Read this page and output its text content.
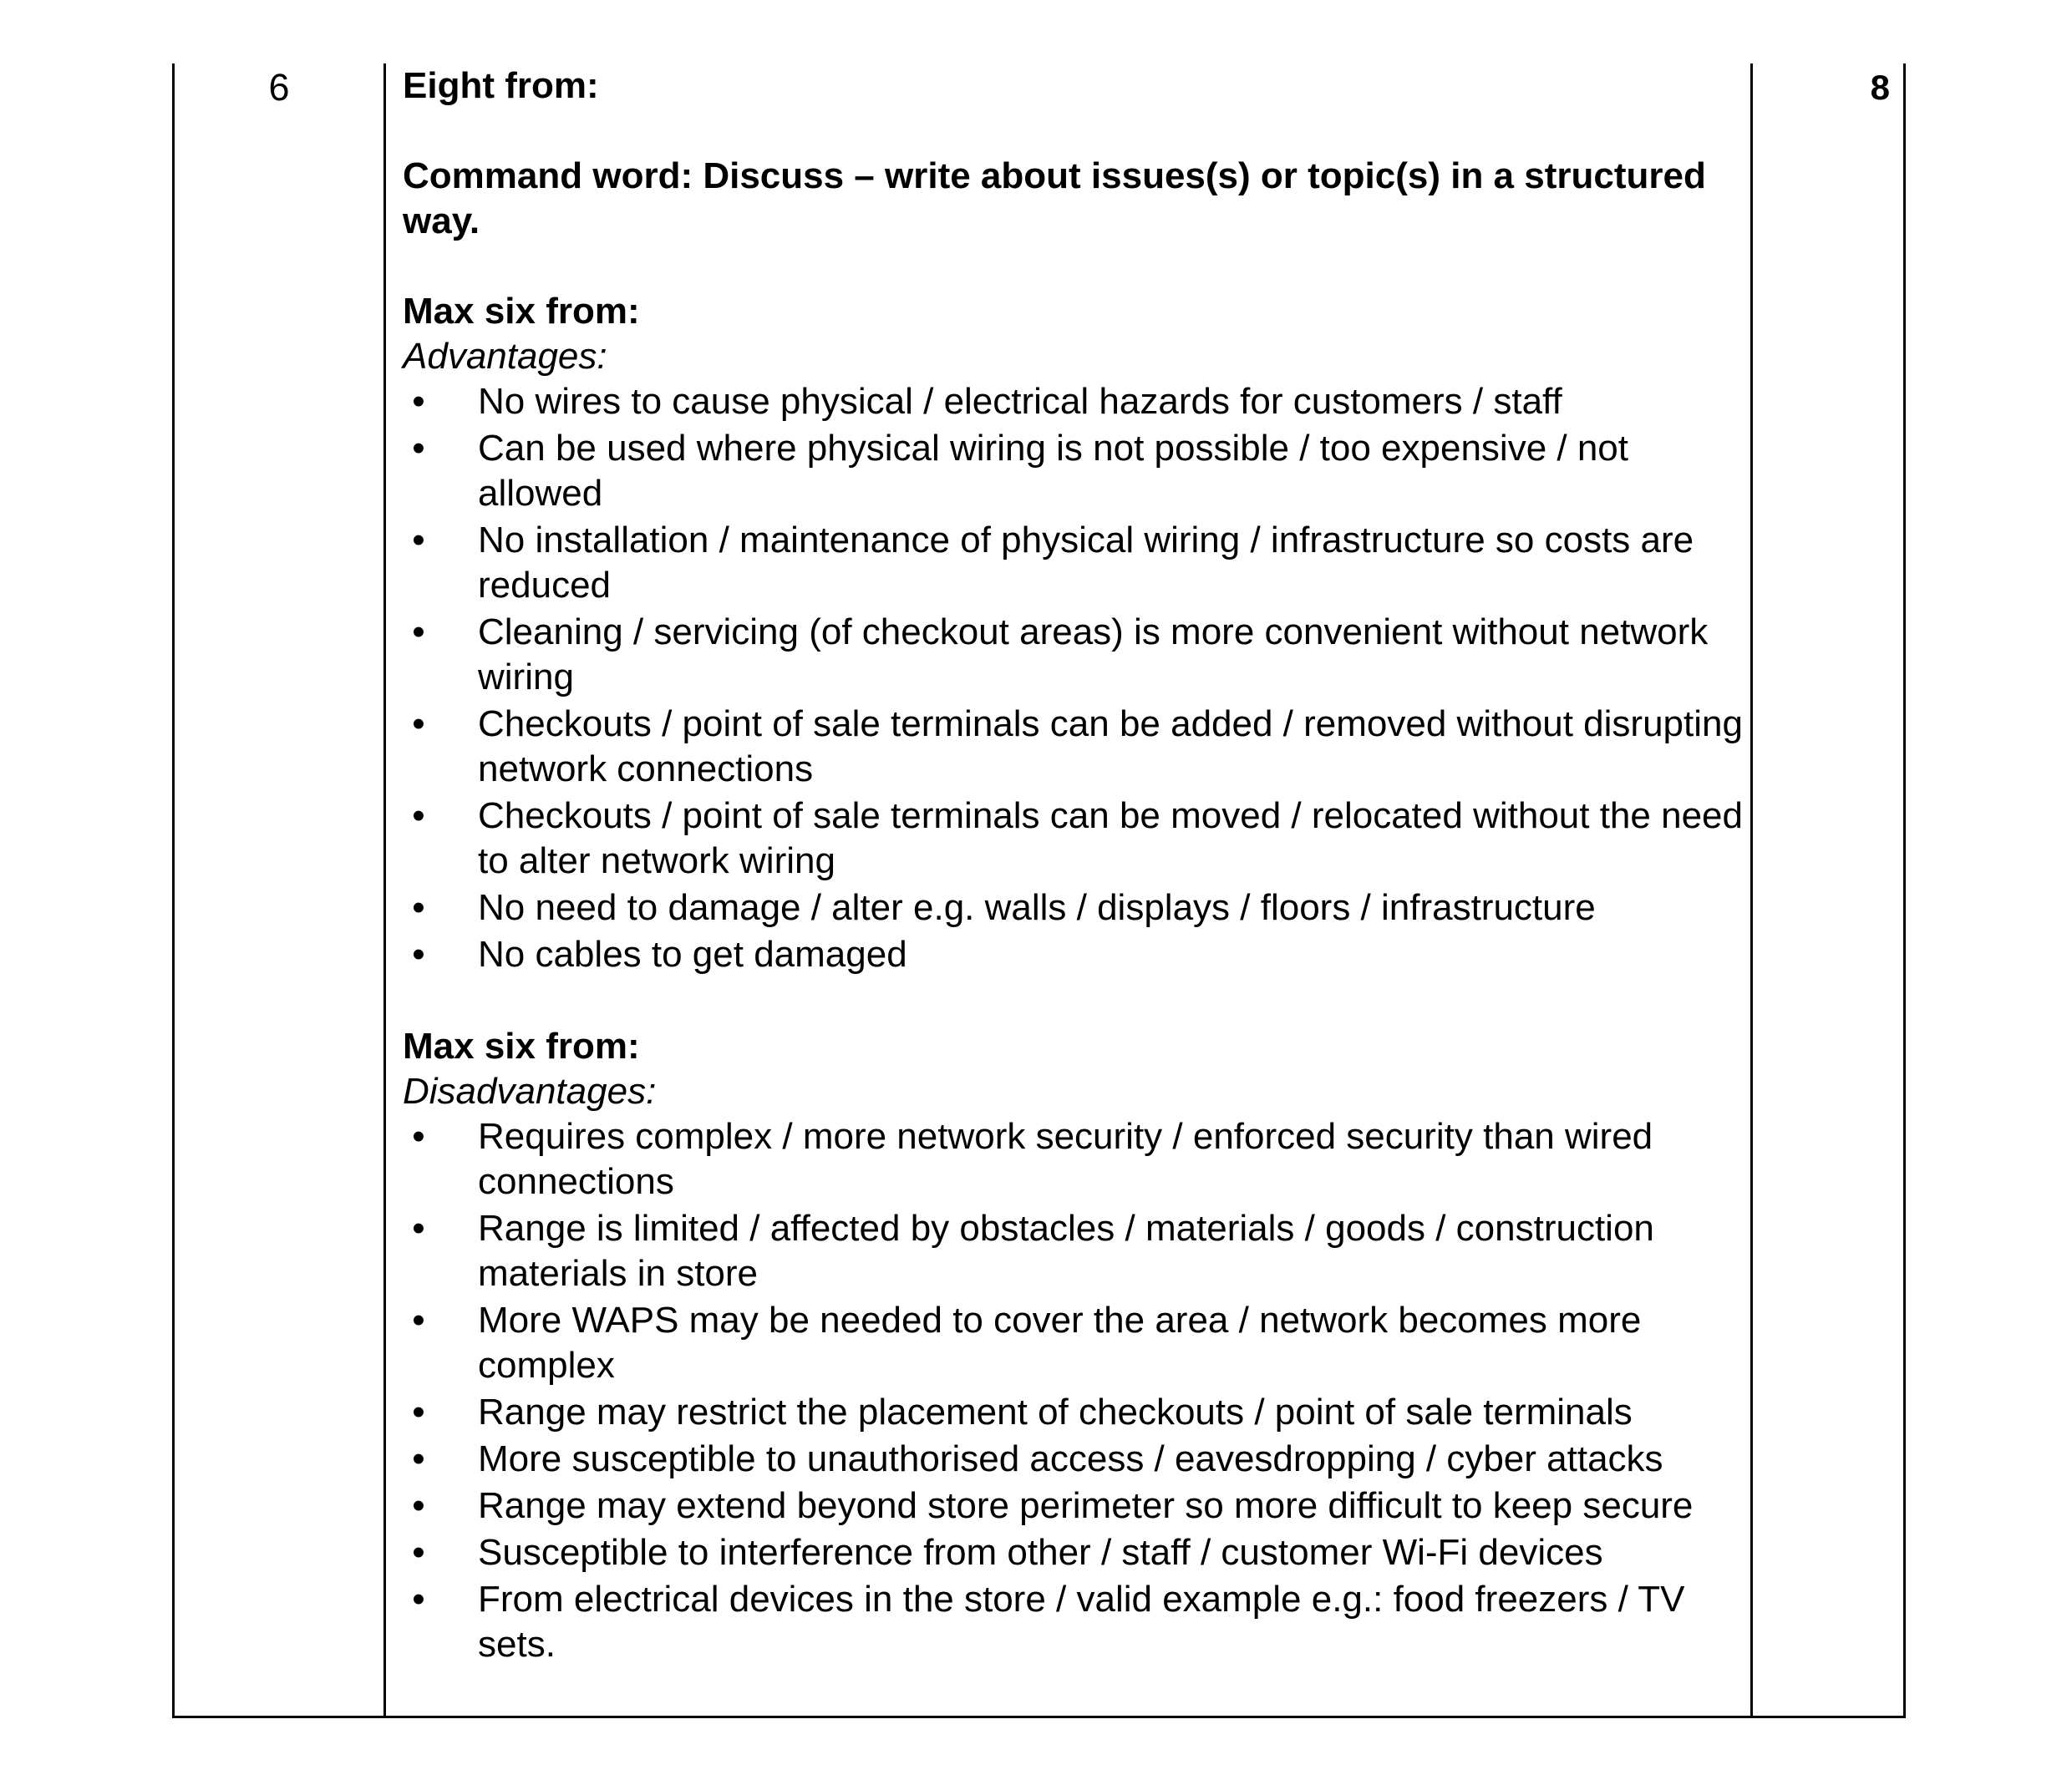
6	Eight from:

Command word: Discuss – write about issues(s) or topic(s) in a structured way.

Max six from:

Advantages:

• No wires to cause physical / electrical hazards for customers / staff
• Can be used where physical wiring is not possible / too expensive / not allowed
• No installation / maintenance of physical wiring / infrastructure so costs are reduced
• Cleaning / servicing (of checkout areas) is more convenient without network wiring
• Checkouts / point of sale terminals can be added / removed without disrupting network connections
• Checkouts / point of sale terminals can be moved / relocated without the need to alter network wiring
• No need to damage / alter e.g. walls / displays / floors / infrastructure
• No cables to get damaged

Max six from:

Disadvantages:

• Requires complex / more network security / enforced security than wired connections
• Range is limited / affected by obstacles / materials / goods / construction materials in store
• More WAPS may be needed to cover the area / network becomes more complex
• Range may restrict the placement of checkouts / point of sale terminals
• More susceptible to unauthorised access / eavesdropping / cyber attacks
• Range may extend beyond store perimeter so more difficult to keep secure
• Susceptible to interference from other / staff / customer Wi-Fi devices
• From electrical devices in the store / valid example e.g.: food freezers / TV sets.
8
